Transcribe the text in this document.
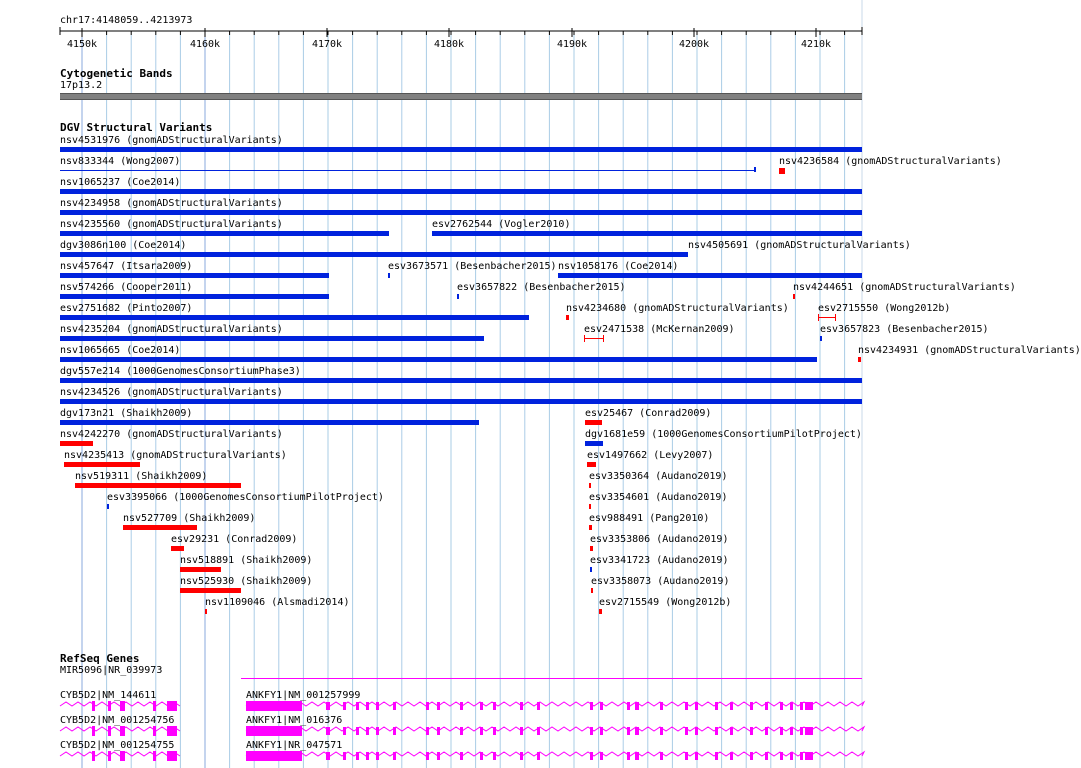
chr17:4148059..4213973
4150k	4160k	4170k	4180k	4190k	4200k	4210k
Cytogenetic Bands
17p13.2
DGV Structural Variants
nsv4531976 (gnomADStructuralVariants)
nsv833344 (Wong2007)	nsv4236584 (gnomADStructuralVariants)
nsv1065237 (Coe2014)
nsv4234958 (gnomADStructuralVariants)
nsv4235560 (gnomADStructuralVariants)	esv2762544 (Vogler2010)
dgv3086n100 (Coe2014)	nsv4505691 (gnomADStructuralVariants)
nsv457647 (Itsara2009)	esv3673571 (Besenbacher2015) nsv1058176 (Coe2014)
nsv574266 (Cooper2011)	esv3657822 (Besenbacher2015)	nsv4244651 (gnomADStructuralVariants)
esv2751682 (Pinto2007)	nsv4234680 (gnomADStructuralVariants)	esv2715550 (Wong2012b)
nsv4235204 (gnomADStructuralVariants)	esv2471538 (McKernan2009)	esv3657823 (Besenbacher2015)
nsv1065665 (Coe2014)	nsv4234931 (gnomADStructuralVariants)
dgv557e214 (1000GenomesConsortiumPhase3)
nsv4234526 (gnomADStructuralVariants)
dgv173n21 (Shaikh2009)	esv25467 (Conrad2009)
nsv4242270 (gnomADStructuralVariants)	dgv1681e59 (1000GenomesConsortiumPilotProject)
nsv4235413 (gnomADStructuralVariants)	esv1497662 (Levy2007)
nsv519311 (Shaikh2009)	esv3350364 (Audano2019)
esv3395066 (1000GenomesConsortiumPilotProject)	esv3354601 (Audano2019)
nsv527709 (Shaikh2009)	esv988491 (Pang2010)
esv29231 (Conrad2009)	esv3353806 (Audano2019)
nsv518891 (Shaikh2009)	esv3341723 (Audano2019)
nsv525930 (Shaikh2009)	esv3358073 (Audano2019)
nsv1109046 (Alsmadi2014)	esv2715549 (Wong2012b)
RefSeq Genes
MIR5096|NR_039973
CYB5D2|NM_144611	ANKFY1|NM_001257999
CYB5D2|NM_001254756	ANKFY1|NM_016376
CYB5D2|NM_001254755	ANKFY1|NR_047571
